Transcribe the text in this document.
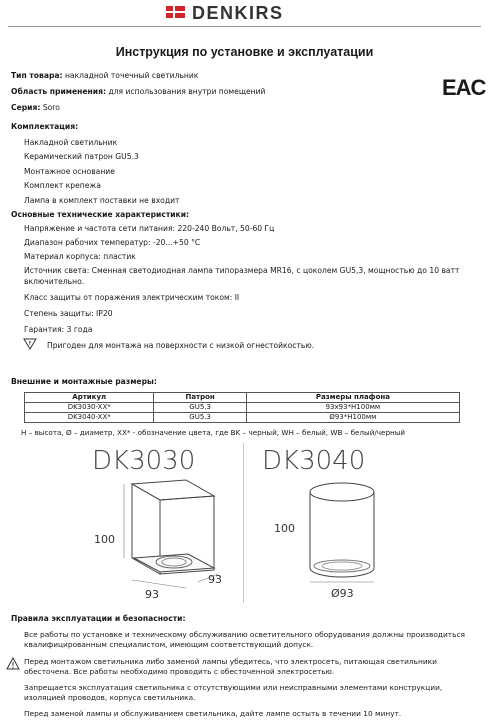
DENKIRS
Инструкция по установке и эксплуатации
EAC
Тип товара: накладной точечный светильник
Область применения: для использования внутри помещений
Серия: Soro
Комплектация:
Накладной светильник
Керамический патрон GU5.3
Монтажное основание
Комплект крепежа
Лампа в комплект поставки не входит
Основные технические характеристики:
Напряжение и частота сети питания: 220-240 Вольт, 50-60 Гц
Диапазон рабочих температур: -20...+50 °С
Материал корпуса: пластик
Источник света: Сменная светодиодная лампа типоразмера MR16, с цоколем GU5,3, мощностью до 10 ватт
включительно.
Класс защиты от поражения электрическим током: II
Степень защиты: IP20
Гарантия: 3 года
F Пригоден для монтажа на поверхности с низкой огнестойкостью.
Внешние и монтажные размеры:
Артикул	Патрон	Размеры плафона
DK3030-XX*	GU5.3	93x93*H100мм
DK3040-XX*	GU5.3	Ø93*H100мм
H – высота, Ø – диаметр, XX* - обозначение цвета, где BK – черный, WH – белый, WB – белый/черный
DK3030
100
93
93
DK3040
100
Ø93
Правила эксплуатации и безопасности:
Все работы по установке и техническому обслуживанию осветительного оборудования должны производиться
квалифицированным специалистом, имеющим соответствующий допуск.
Перед монтажом светильника либо заменой лампы убедитесь, что электросеть, питающая светильники
обесточена. Все работы необходимо проводить с обесточенной электросетью.
Запрещается эксплуатация светильника с отсутствующими или неисправными элементами конструкции,
изоляцией проводов, корпуса светильника.
Перед заменой лампы и обслуживанием светильника, дайте лампе остыть в течении 10 минут.
